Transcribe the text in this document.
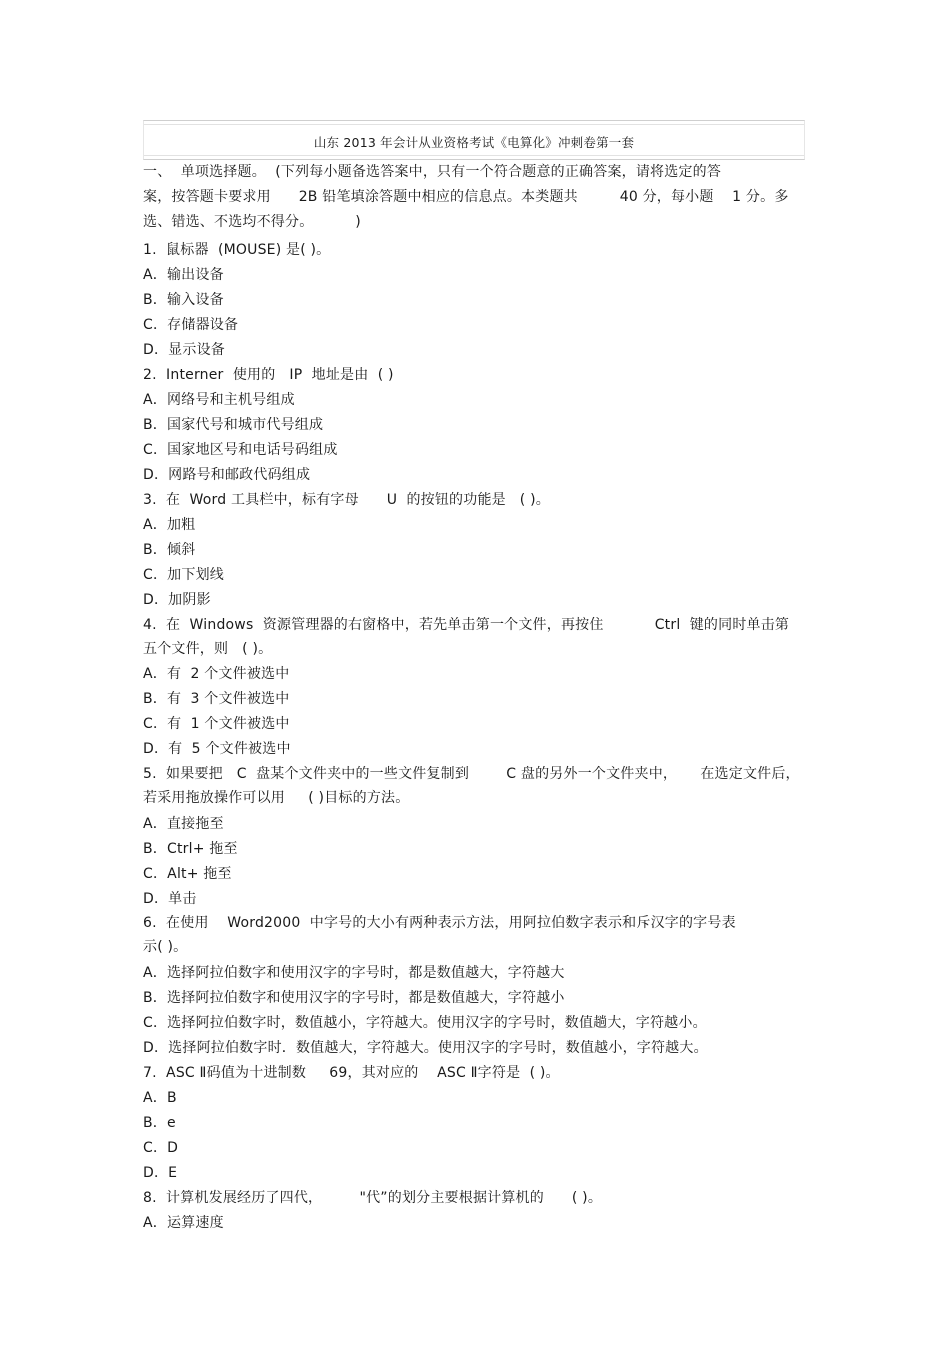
山东 2013 年会计从业资格考试《电算化》冲刺卷第一套
一、  单项选择题。  (下列每小题备选答案中，只有一个符合题意的正确答案，请将选定的答
案，按答题卡要求用      2B 铅笔填涂答题中相应的信息点。本类题共         40 分，每小题    1 分。多
选、错选、不选均不得分。         )
1.  鼠标器  (MOUSE) 是( )。
A．输出设备
B．输入设备
C．存储器设备
D．显示设备
2.  Interner  使用的   IP  地址是由  ( )
A．网络号和主机号组成
B．国家代号和城市代号组成
C．国家地区号和电话号码组成
D．网路号和邮政代码组成
3.  在  Word 工具栏中，标有字母      U  的按钮的功能是   ( )。
A．加粗
B．倾斜
C．加下划线
D．加阴影
4.  在  Windows  资源管理器的右窗格中，若先单击第一个文件，再按住           Ctrl  键的同时单击第
五个文件，则   ( )。
A．有  2 个文件被选中
B．有  3 个文件被选中
C．有  1 个文件被选中
D．有  5 个文件被选中
5.  如果要把   C  盘某个文件夹中的一些文件复制到        C 盘的另外一个文件夹中，     在选定文件后，
若采用拖放操作可以用     ( )目标的方法。
A．直接拖至
B．Ctrl+ 拖至
C．Alt+ 拖至
D．单击
6.  在使用    Word2000  中字号的大小有两种表示方法，用阿拉伯数字表示和斥汉字的字号表
示( )。
A．选择阿拉伯数字和使用汉字的字号时，都是数值越大，字符越大
B．选择阿拉伯数字和使用汉字的字号时，都是数值越大，字符越小
C．选择阿拉伯数字时，数值越小，字符越大。使用汉字的字号时，数值趟大，字符越小。
D．选择阿拉伯数字时．数值越大，字符越大。使用汉字的字号时，数值越小，字符越大。
7.  ASC Ⅱ码值为十进制数     69，其对应的    ASC Ⅱ字符是  ( )。
A．B
B．e
C．D
D．E
8.  计算机发展经历了四代，        "代”的划分主要根据计算机的      ( )。
A．运算速度
